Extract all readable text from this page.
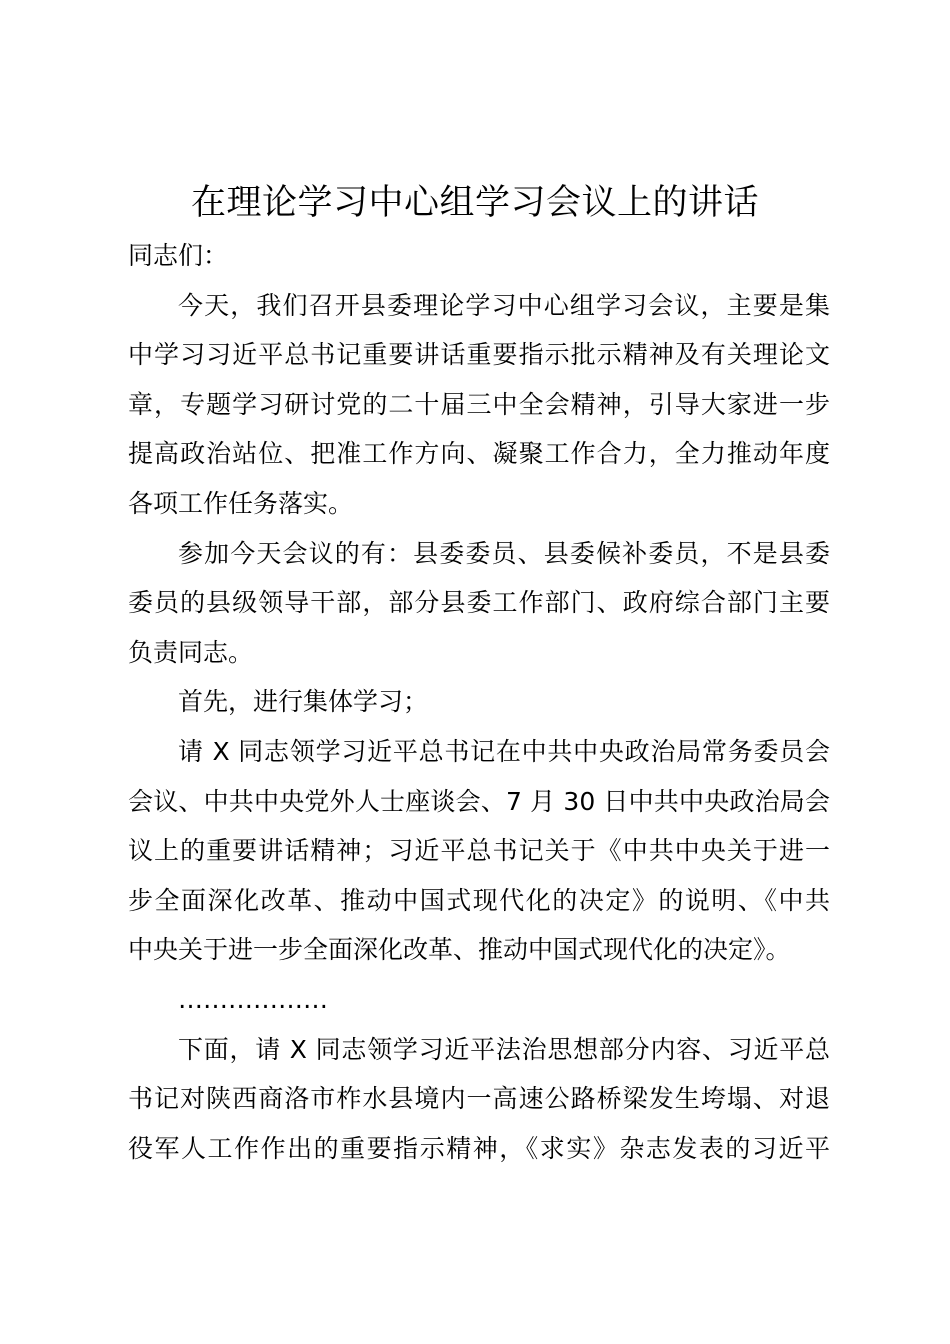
在理论学习中心组学习会议上的讲话

同志们：

今天，我们召开县委理论学习中心组学习会议，主要是集
中学习习近平总书记重要讲话重要指示批示精神及有关理论文
章，专题学习研讨党的二十届三中全会精神，引导大家进一步
提高政治站位、把准工作方向、凝聚工作合力，全力推动年度
各项工作任务落实。

参加今天会议的有：县委委员、县委候补委员，不是县委
委员的县级领导干部，部分县委工作部门、政府综合部门主要
负责同志。

首先，进行集体学习；

请 X 同志领学习近平总书记在中共中央政治局常务委员会
会议、中共中央党外人士座谈会、7 月 30 日中共中央政治局会
议上的重要讲话精神；习近平总书记关于《中共中央关于进一
步全面深化改革、推动中国式现代化的决定》的说明、《中共
中央关于进一步全面深化改革、推动中国式现代化的决定》。

………………

下面，请 X 同志领学习近平法治思想部分内容、习近平总
书记对陕西商洛市柞水县境内一高速公路桥梁发生垮塌、对退
役军人工作作出的重要指示精神，《求实》杂志发表的习近平
